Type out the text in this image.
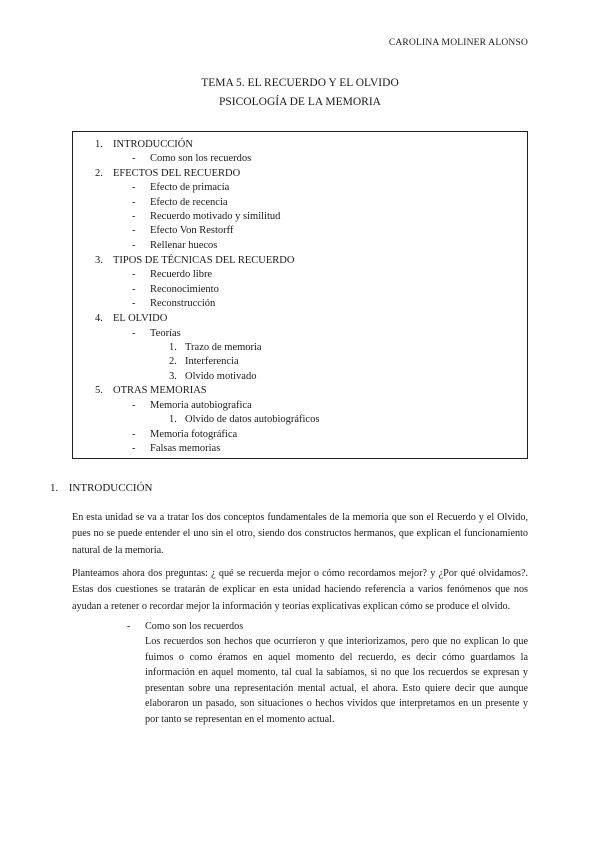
CAROLINA MOLINER ALONSO
TEMA 5. EL RECUERDO Y EL OLVIDO
PSICOLOGÍA DE LA MEMORIA
1. INTRODUCCIÓN
- Como son los recuerdos
2. EFECTOS DEL RECUERDO
- Efecto de primacía
- Efecto de recencia
- Recuerdo motivado y similitud
- Efecto Von Restorff
- Rellenar huecos
3. TIPOS DE TÉCNICAS DEL RECUERDO
- Recuerdo libre
- Reconocimiento
- Reconstrucción
4. EL OLVIDO
- Teorías
1. Trazo de memoria
2. Interferencia
3. Olvido motivado
5. OTRAS MEMORIAS
- Memoria autobiografica
1. Olvido de datos autobiográficos
- Memoria fotográfica
- Falsas memorias
1. INTRODUCCIÓN
En esta unidad se va a tratar los dos conceptos fundamentales de la memoria que son el Recuerdo y el Olvido, pues no se puede entender el uno sin el otro, siendo dos constructos hermanos, que explican el funcionamiento natural de la memoria.
Planteamos ahora dos preguntas: ¿ qué se recuerda mejor o cómo recordamos mejor? y ¿Por qué olvidamos?. Estas dos cuestiones se tratarán de explicar en esta unidad haciendo referencia a varios fenómenos que nos ayudan a retener o recordar mejor la información y teorías explicativas explican cómo se produce el olvido.
- Como son los recuerdos
Los recuerdos son hechos que ocurrieron y que interiorizamos, pero que no explican lo que fuimos o como éramos en aquel momento del recuerdo, es decir cómo guardamos la información en aquel momento, tal cual la sabíamos, si no que los recuerdos se expresan y presentan sobre una representación mental actual, el ahora. Esto quiere decir que aunque elaboraron un pasado, son situaciones o hechos vividos que interpretamos en un presente y por tanto se representan en el momento actual.
